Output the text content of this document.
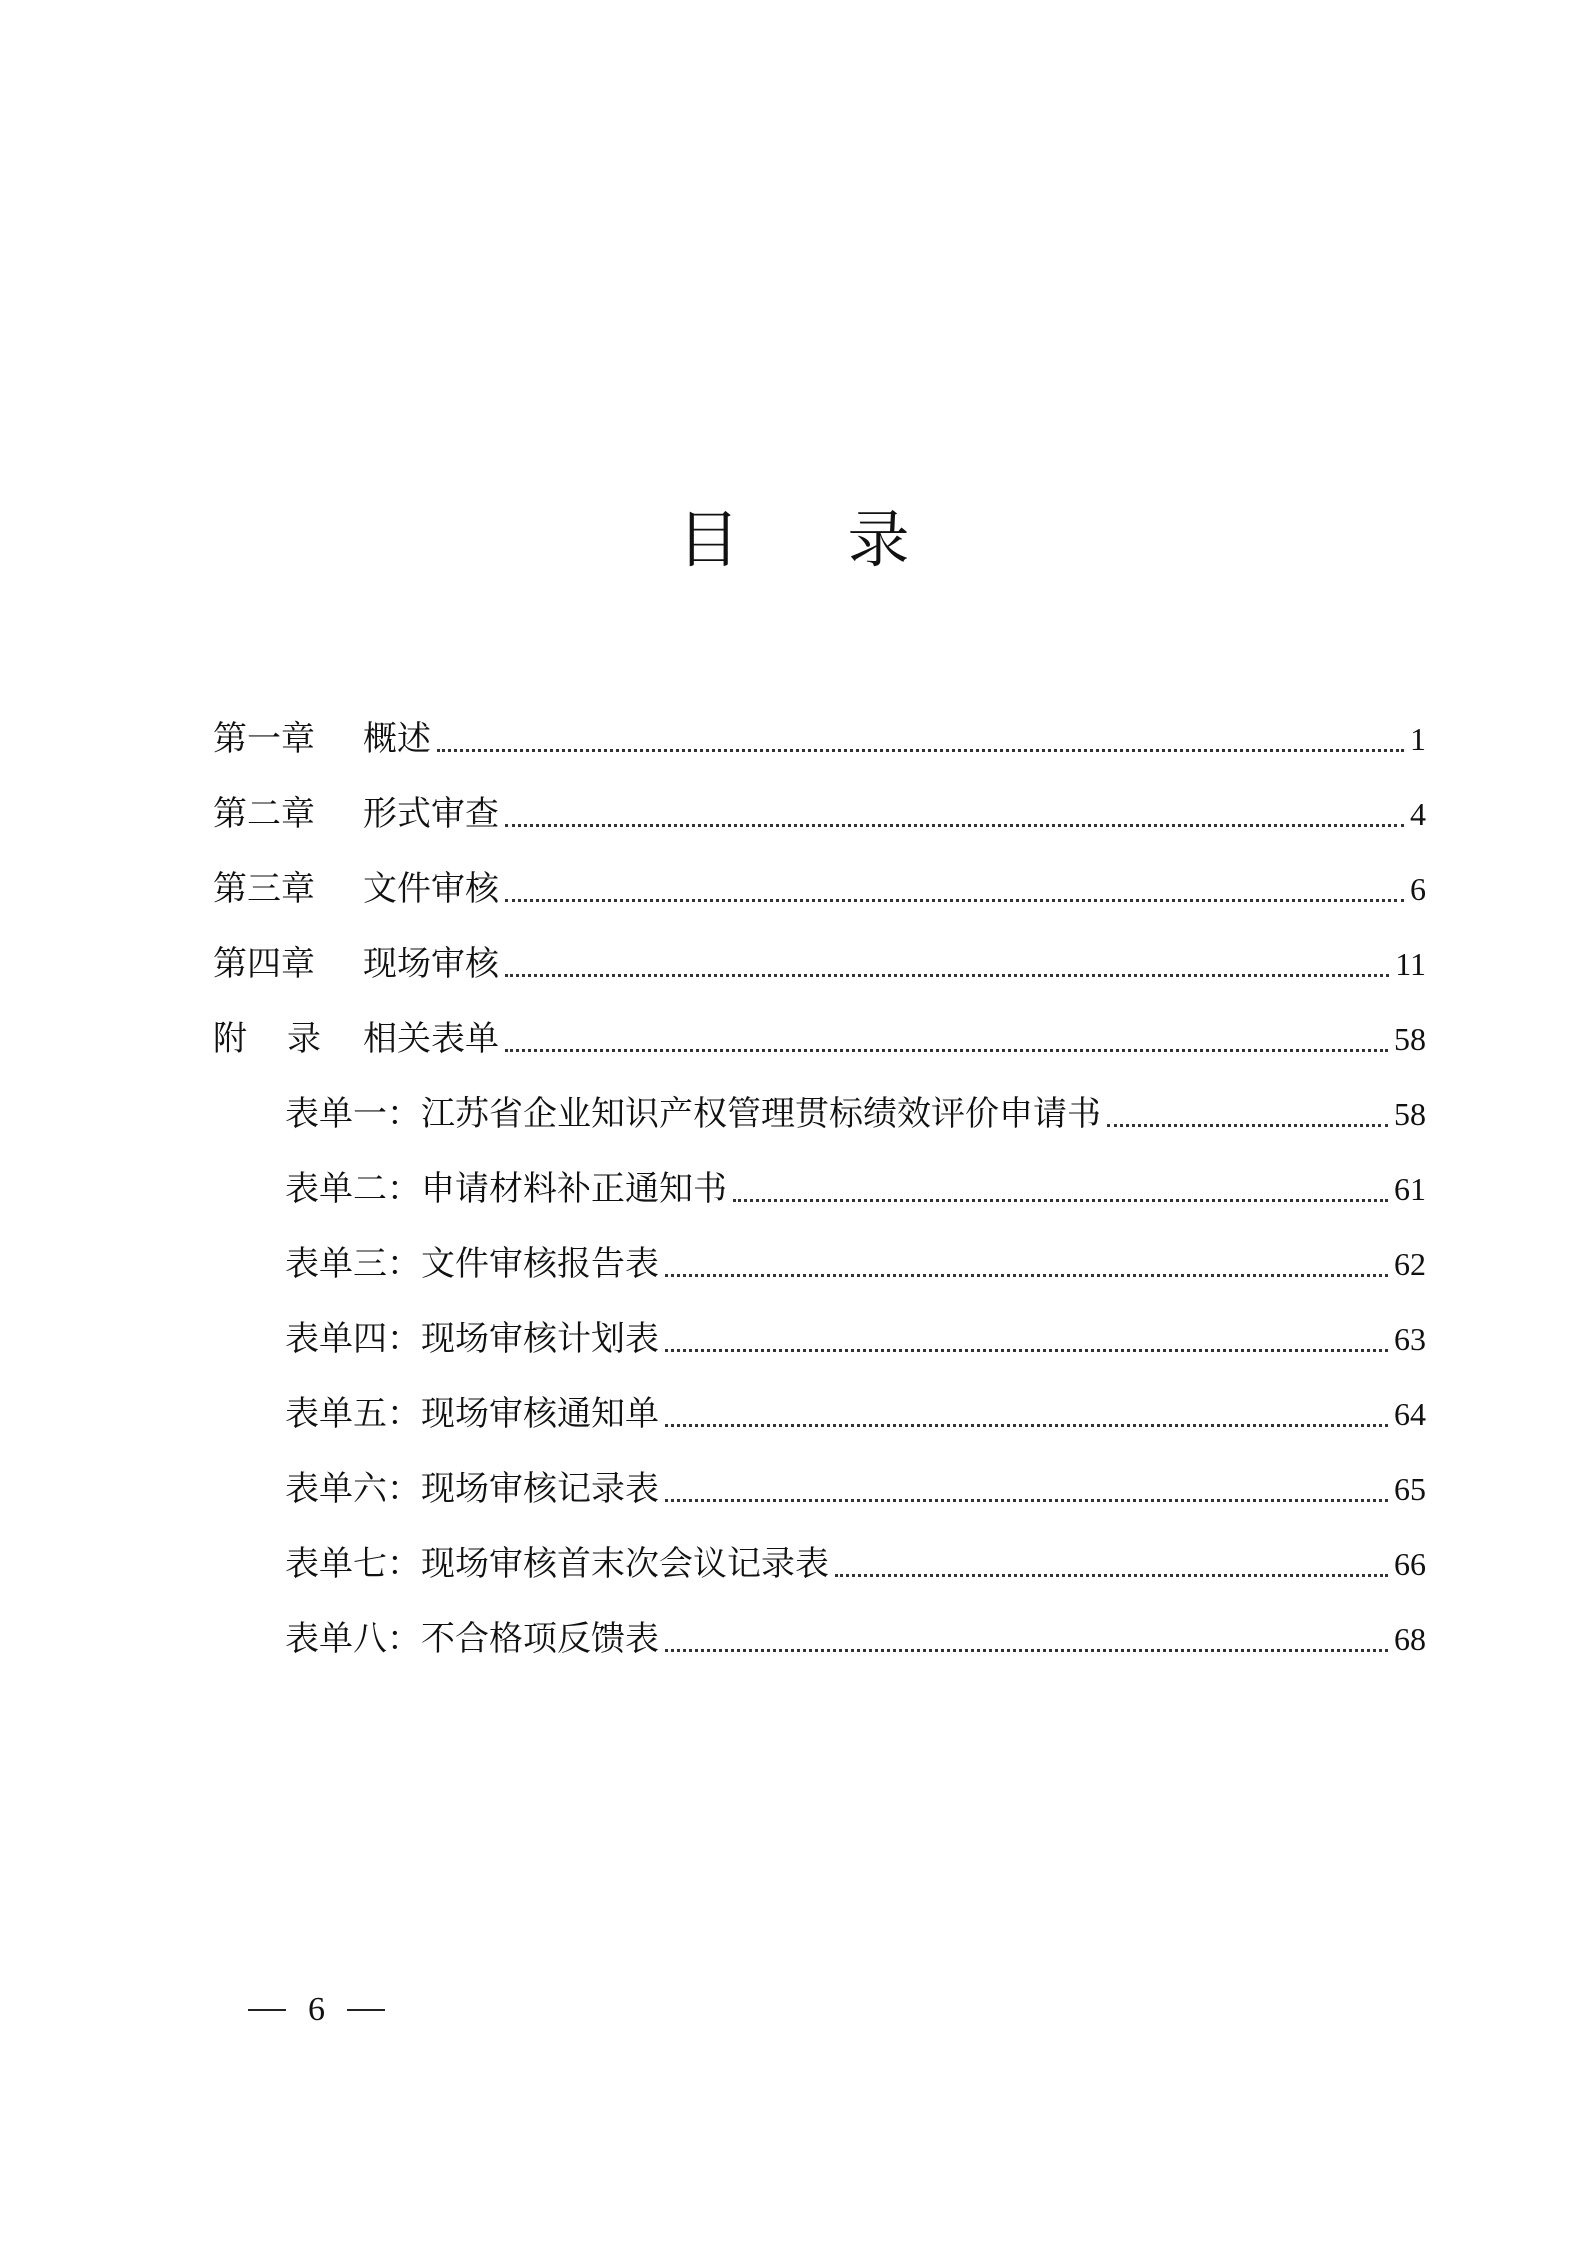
目 录
第一章 概述	1
第二章 形式审查	4
第三章 文件审核	6
第四章 现场审核	11
附 录 相关表单	58
表单一：江苏省企业知识产权管理贯标绩效评价申请书	58
表单二：申请材料补正通知书	61
表单三：文件审核报告表	62
表单四：现场审核计划表	63
表单五：现场审核通知单	64
表单六：现场审核记录表	65
表单七：现场审核首末次会议记录表	66
表单八：不合格项反馈表	68
6
